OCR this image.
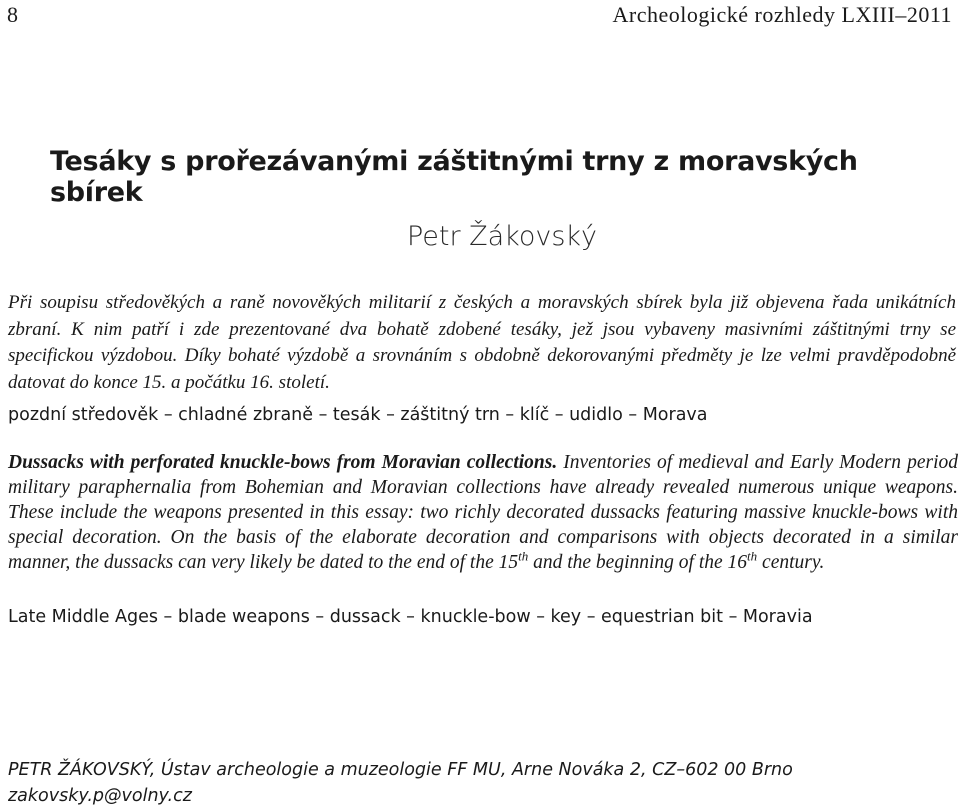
8	Archeologické rozhledy LXIII–2011
Tesáky s prořezávanými záštitnými trny z moravských sbírek
Petr Žákovský
Při soupisu středověkých a raně novověkých militarií z českých a moravských sbírek byla již objevena řada unikátních zbraní. K nim patří i zde prezentované dva bohatě zdobené tesáky, jež jsou vybaveny masivními záštitnými trny se specifickou výzdobou. Díky bohaté výzdobě a srovnáním s obdobně dekorovanými předměty je lze velmi pravděpodobně datovat do konce 15. a počátku 16. století.
pozdní středověk – chladné zbraně – tesák – záštitný trn – klíč – udidlo – Morava
Dussacks with perforated knuckle-bows from Moravian collections. Inventories of medieval and Early Modern period military paraphernalia from Bohemian and Moravian collections have already revealed numerous unique weapons. These include the weapons presented in this essay: two richly decorated dussacks featuring massive knuckle-bows with special decoration. On the basis of the elaborate decoration and comparisons with objects decorated in a similar manner, the dussacks can very likely be dated to the end of the 15th and the beginning of the 16th century.
Late Middle Ages – blade weapons – dussack – knuckle-bow – key – equestrian bit – Moravia
PETR ŽÁKOVSKÝ, Ústav archeologie a muzeologie FF MU, Arne Nováka 2, CZ–602 00 Brno
zakovsky.p@volny.cz
